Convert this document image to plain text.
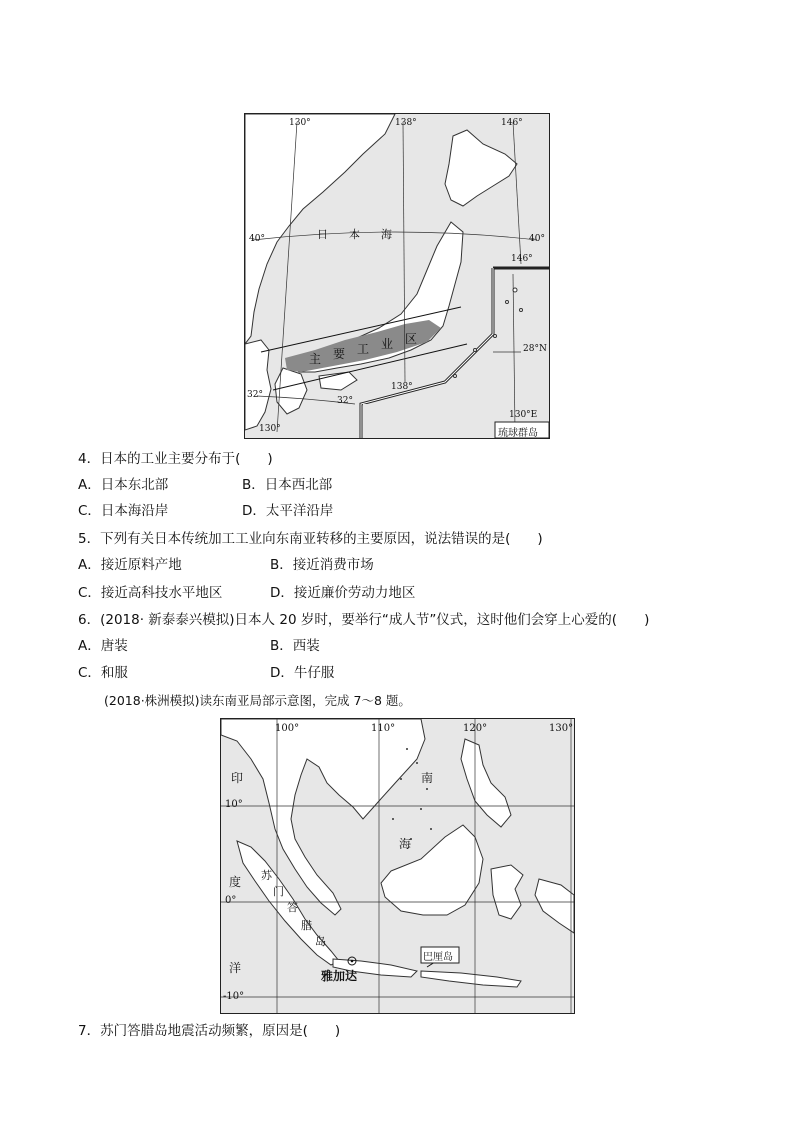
130°	138°	146°
40°	40°
日 本 海
146°
28°N
主 要 工 业 区
138°
32°
32°
130°
130°E
琉球群岛
4．日本的工业主要分布于(　　)
A．日本东北部	B．日本西北部
C．日本海沿岸	D．太平洋沿岸
5．下列有关日本传统加工工业向东南亚转移的主要原因，说法错误的是(　　)
A．接近原料产地	B．接近消费市场
C．接近高科技水平地区	D．接近廉价劳动力地区
6．(2018· 新泰泰兴模拟)日本人 20 岁时，要举行“成人节”仪式，这时他们会穿上心爱的(　　)
A．唐装	B．西装
C．和服	D．牛仔服
(2018·株洲模拟)读东南亚局部示意图，完成 7～8 题。
100°	110°	120°	130°
10°
0°
-10°
印
度
洋
南
海
苏
门
答
腊
岛
雅加达
巴厘岛
7．苏门答腊岛地震活动频繁，原因是(　　)
